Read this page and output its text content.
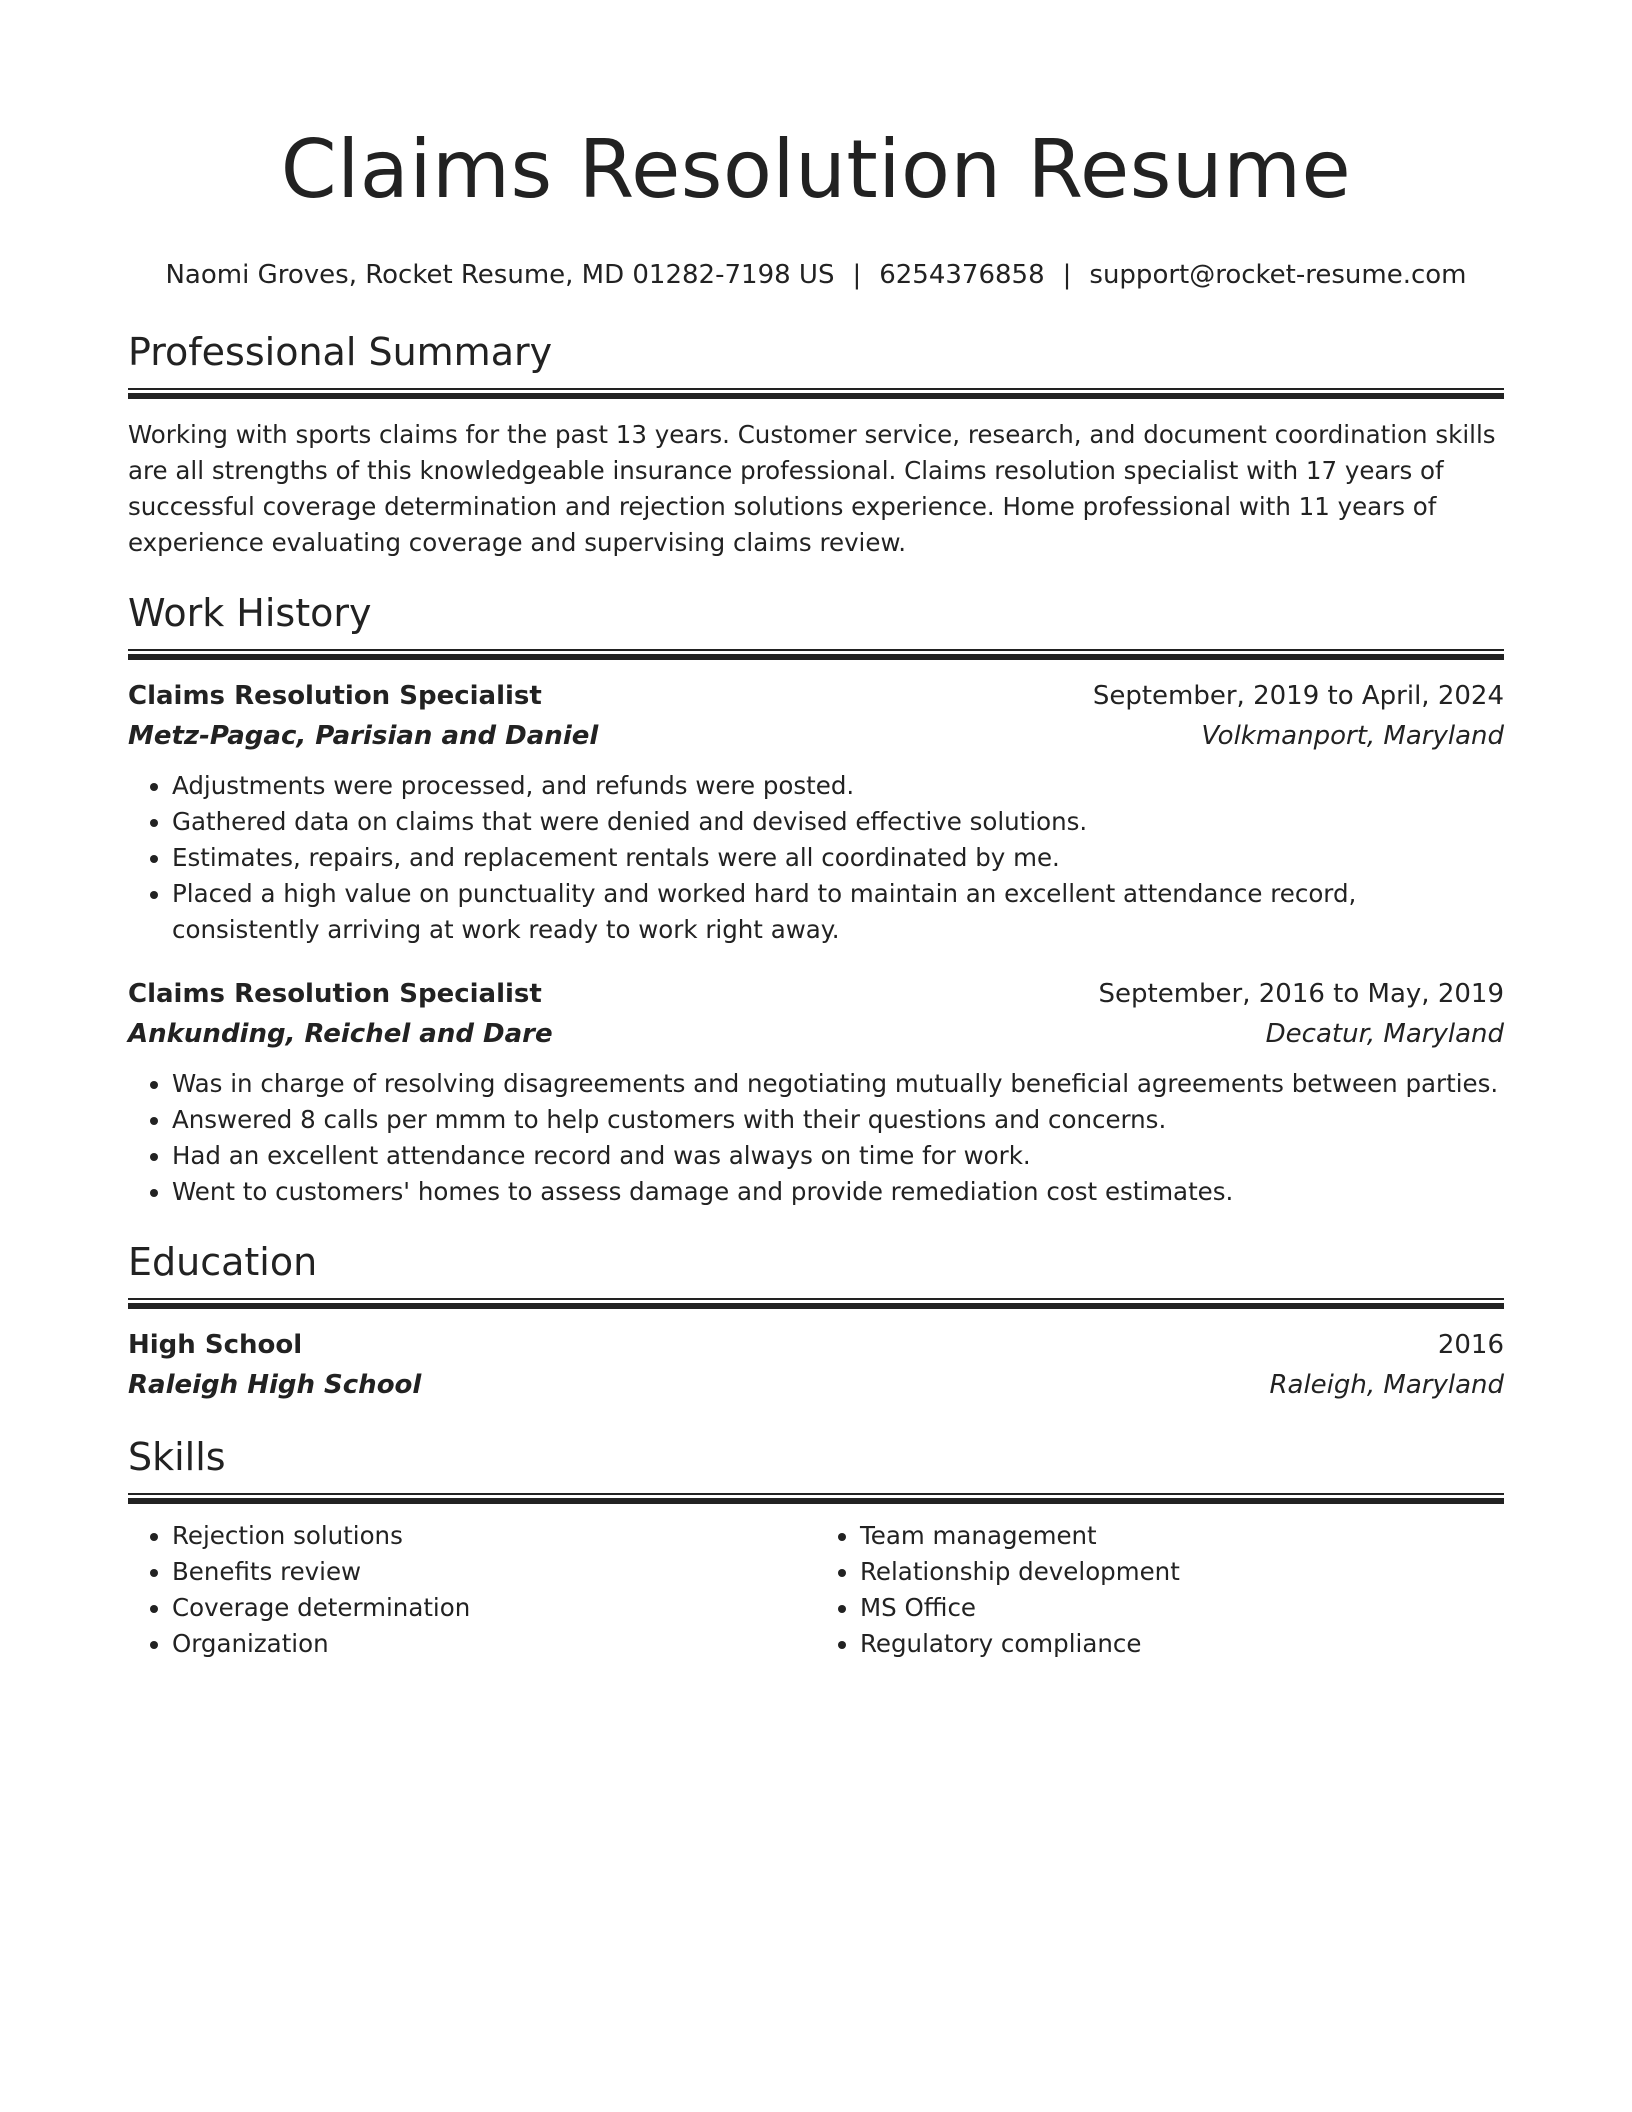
Claims Resolution Resume
Naomi Groves, Rocket Resume, MD 01282-7198 US | 6254376858 | support@rocket-resume.com
Professional Summary

Working with sports claims for the past 13 years. Customer service, research, and document coordination skills are all strengths of this knowledgeable insurance professional. Claims resolution specialist with 17 years of successful coverage determination and rejection solutions experience. Home professional with 11 years of experience evaluating coverage and supervising claims review.

Work History
Claims Resolution Specialist	September, 2019 to April, 2024
Metz-Pagac, Parisian and Daniel	Volkmanport, Maryland
• Adjustments were processed, and refunds were posted.
• Gathered data on claims that were denied and devised effective solutions.
• Estimates, repairs, and replacement rentals were all coordinated by me.
• Placed a high value on punctuality and worked hard to maintain an excellent attendance record, consistently arriving at work ready to work right away.
Claims Resolution Specialist	September, 2016 to May, 2019
Ankunding, Reichel and Dare	Decatur, Maryland
• Was in charge of resolving disagreements and negotiating mutually beneficial agreements between parties.
• Answered 8 calls per mmm to help customers with their questions and concerns.
• Had an excellent attendance record and was always on time for work.
• Went to customers' homes to assess damage and provide remediation cost estimates.
Education
High School	2016
Raleigh High School	Raleigh, Maryland
Skills
• Rejection solutions
• Benefits review
• Coverage determination
• Organization
• Team management
• Relationship development
• MS Office
• Regulatory compliance
